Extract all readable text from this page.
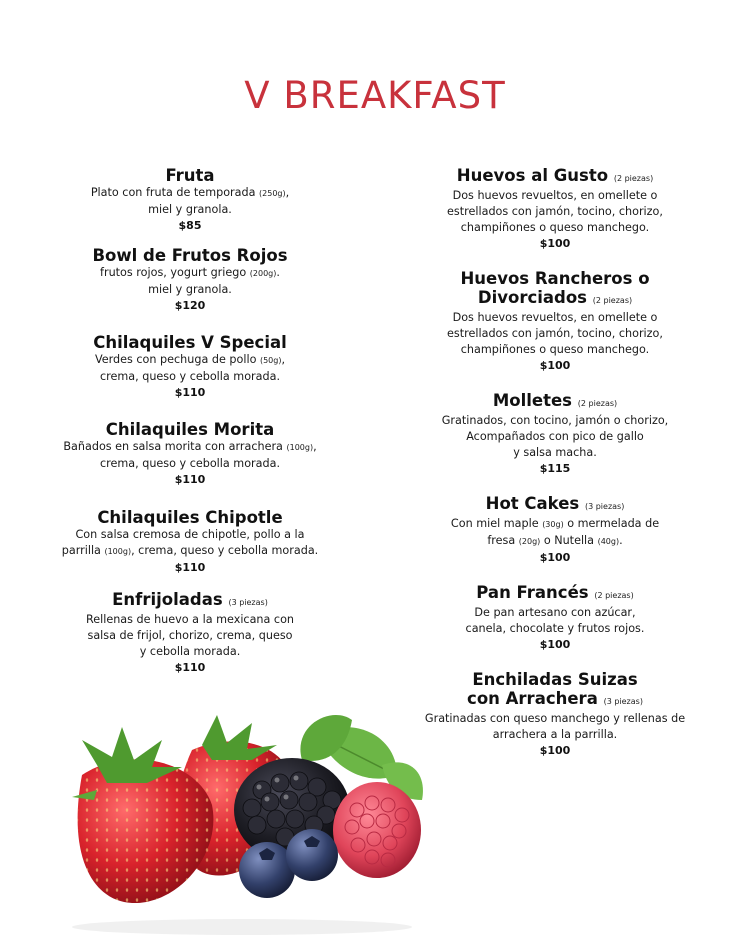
V BREAKFAST
Fruta
Plato con fruta de temporada (250g),
miel y granola.
$85
Bowl de Frutos Rojos
frutos rojos, yogurt griego (200g).
miel y granola.
$120
Chilaquiles V Special
Verdes con pechuga de pollo (50g),
crema, queso y cebolla morada.
$110
Chilaquiles Morita
Bañados en salsa morita con arrachera (100g),
crema, queso y cebolla morada.
$110
Chilaquiles Chipotle
Con salsa cremosa de chipotle, pollo a la
parrilla (100g), crema, queso y cebolla morada.
$110
Enfrijoladas (3 piezas)
Rellenas de huevo a la mexicana con
salsa de frijol, chorizo, crema, queso
y cebolla morada.
$110
Huevos al Gusto (2 piezas)
Dos huevos revueltos, en omellete o
estrellados con jamón, tocino, chorizo,
champiñones o queso manchego.
$100
Huevos Rancheros o
Divorciados (2 piezas)
Dos huevos revueltos, en omellete o
estrellados con jamón, tocino, chorizo,
champiñones o queso manchego.
$100
Molletes (2 piezas)
Gratinados, con tocino, jamón o chorizo,
Acompañados con pico de gallo
y salsa macha.
$115
Hot Cakes (3 piezas)
Con miel maple (30g) o mermelada de
fresa (20g) o Nutella (40g).
$100
Pan Francés (2 piezas)
De pan artesano con azúcar,
canela, chocolate y frutos rojos.
$100
Enchiladas Suizas
con Arrachera (3 piezas)
Gratinadas con queso manchego y rellenas de
arrachera a la parrilla.
$100
